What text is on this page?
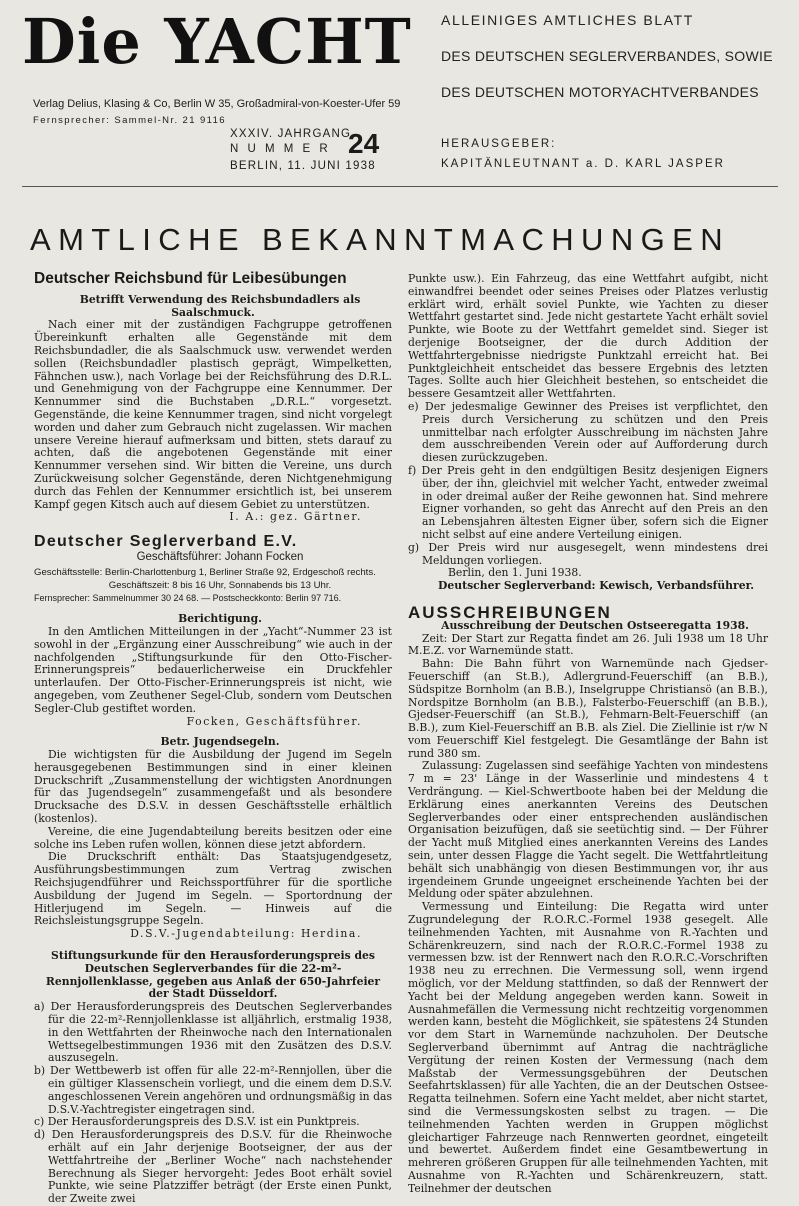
Die YACHT
Verlag Delius, Klasing & Co, Berlin W 35, Großadmiral-von-Koester-Ufer 59
Fernsprecher: Sammel-Nr. 21 9116
ALLEINIGES AMTLICHES BLATT
DES DEUTSCHEN SEGLERVERBANDES, SOWIE
DES DEUTSCHEN MOTORYACHTVERBANDES
XXXIV. JAHRGANG
N U M M E R 24
BERLIN, 11. JUNI 1938
HERAUSGEBER:
KAPITÄNLEUTNANT a. D. KARL JASPER
AMTLICHE BEKANNTMACHUNGEN

Deutscher Reichsbund für Leibesübungen

Betrifft Verwendung des Reichsbundadlers als Saalschmuck.

Nach einer mit der zuständigen Fachgruppe getroffenen Übereinkunft erhalten alle Gegenstände mit dem Reichsbundadler, die als Saalschmuck usw. verwendet werden sollen (Reichsbundadler plastisch geprägt, Wimpelketten, Fähnchen usw.), nach Vorlage bei der Reichsführung des D.R.L. und Genehmigung von der Fachgruppe eine Kennummer. Der Kennummer sind die Buchstaben „D.R.L.“ vorgesetzt. Gegenstände, die keine Kennummer tragen, sind nicht vorgelegt worden und daher zum Gebrauch nicht zugelassen. Wir machen unsere Vereine hierauf aufmerksam und bitten, stets darauf zu achten, daß die angebotenen Gegenstände mit einer Kennummer versehen sind. Wir bitten die Vereine, uns durch Zurückweisung solcher Gegenstände, deren Nichtgenehmigung durch das Fehlen der Kennummer ersichtlich ist, bei unserem Kampf gegen Kitsch auch auf diesem Gebiet zu unterstützen.

I. A.: gez. Gärtner.

Deutscher Seglerverband E.V.

Geschäftsführer: Johann Focken

Geschäftsstelle: Berlin-Charlottenburg 1, Berliner Straße 92, Erdgeschoß rechts.

Geschäftszeit: 8 bis 16 Uhr, Sonnabends bis 13 Uhr.

Fernsprecher: Sammelnummer 30 24 68. — Postscheckkonto: Berlin 97 716.

Berichtigung.

In den Amtlichen Mitteilungen in der „Yacht“-Nummer 23 ist sowohl in der „Ergänzung einer Ausschreibung“ wie auch in der nachfolgenden „Stiftungsurkunde für den Otto-Fischer-Erinnerungspreis“ bedauerlicherweise ein Druckfehler unterlaufen. Der Otto-Fischer-Erinnerungspreis ist nicht, wie angegeben, vom Zeuthener Segel-Club, sondern vom Deutschen Segler-Club gestiftet worden.

Focken, Geschäftsführer.

Betr. Jugendsegeln.

Die wichtigsten für die Ausbildung der Jugend im Segeln herausgegebenen Bestimmungen sind in einer kleinen Druckschrift „Zusammenstellung der wichtigsten Anordnungen für das Jugendsegeln“ zusammengefaßt und als besondere Drucksache des D.S.V. in dessen Geschäftsstelle erhältlich (kostenlos).

Vereine, die eine Jugendabteilung bereits besitzen oder eine solche ins Leben rufen wollen, können diese jetzt abfordern.

Die Druckschrift enthält: Das Staatsjugendgesetz, Ausführungsbestimmungen zum Vertrag zwischen Reichsjugendführer und Reichssportführer für die sportliche Ausbildung der Jugend im Segeln. — Sportordnung der Hitlerjugend im Segeln. — Hinweis auf die Reichsleistungsgruppe Segeln.

D.S.V.-Jugendabteilung: Herdina.

Stiftungsurkunde für den Herausforderungspreis des Deutschen Seglerverbandes für die 22-m²-Rennjollenklasse, gegeben aus Anlaß der 650-Jahrfeier der Stadt Düsseldorf.

a) Der Herausforderungspreis des Deutschen Seglerverbandes für die 22-m²-Rennjollenklasse ist alljährlich, erstmalig 1938, in den Wettfahrten der Rheinwoche nach den Internationalen Wettsegelbestimmungen 1936 mit den Zusätzen des D.S.V. auszusegeln.

b) Der Wettbewerb ist offen für alle 22-m²-Rennjollen, über die ein gültiger Klassenschein vorliegt, und die einem dem D.S.V. angeschlossenen Verein angehören und ordnungsmäßig in das D.S.V.-Yachtregister eingetragen sind.

c) Der Herausforderungspreis des D.S.V. ist ein Punktpreis.

d) Den Herausforderungspreis des D.S.V. für die Rheinwoche erhält auf ein Jahr derjenige Bootseigner, der aus der Wettfahrtreihe der „Berliner Woche“ nach nachstehender Berechnung als Sieger hervorgeht: Jedes Boot erhält soviel Punkte, wie seine Platzziffer beträgt (der Erste einen Punkt, der Zweite zwei

Punkte usw.). Ein Fahrzeug, das eine Wettfahrt aufgibt, nicht einwandfrei beendet oder seines Preises oder Platzes verlustig erklärt wird, erhält soviel Punkte, wie Yachten zu dieser Wettfahrt gestartet sind. Jede nicht gestartete Yacht erhält soviel Punkte, wie Boote zu der Wettfahrt gemeldet sind. Sieger ist derjenige Bootseigner, der die durch Addition der Wettfahrtergebnisse niedrigste Punktzahl erreicht hat. Bei Punktgleichheit entscheidet das bessere Ergebnis des letzten Tages. Sollte auch hier Gleichheit bestehen, so entscheidet die bessere Gesamtzeit aller Wettfahrten.

e) Der jedesmalige Gewinner des Preises ist verpflichtet, den Preis durch Versicherung zu schützen und den Preis unmittelbar nach erfolgter Ausschreibung im nächsten Jahre dem ausschreibenden Verein oder auf Aufforderung durch diesen zurückzugeben.

f) Der Preis geht in den endgültigen Besitz desjenigen Eigners über, der ihn, gleichviel mit welcher Yacht, entweder zweimal in oder dreimal außer der Reihe gewonnen hat. Sind mehrere Eigner vorhanden, so geht das Anrecht auf den Preis an den an Lebensjahren ältesten Eigner über, sofern sich die Eigner nicht selbst auf eine andere Verteilung einigen.

g) Der Preis wird nur ausgesegelt, wenn mindestens drei Meldungen vorliegen.

Berlin, den 1. Juni 1938.

Deutscher Seglerverband: Kewisch, Verbandsführer.

AUSSCHREIBUNGEN

Ausschreibung der Deutschen Ostseeregatta 1938.

Zeit: Der Start zur Regatta findet am 26. Juli 1938 um 18 Uhr M.E.Z. vor Warnemünde statt.

Bahn: Die Bahn führt von Warnemünde nach Gjedser-Feuerschiff (an St.B.), Adlergrund-Feuerschiff (an B.B.), Südspitze Bornholm (an B.B.), Inselgruppe Christiansö (an B.B.), Nordspitze Bornholm (an B.B.), Falsterbo-Feuerschiff (an B.B.), Gjedser-Feuerschiff (an St.B.), Fehmarn-Belt-Feuerschiff (an B.B.), zum Kiel-Feuerschiff an B.B. als Ziel. Die Ziellinie ist r/w N vom Feuerschiff Kiel festgelegt. Die Gesamtlänge der Bahn ist rund 380 sm.

Zulassung: Zugelassen sind seefähige Yachten von mindestens 7 m = 23' Länge in der Wasserlinie und mindestens 4 t Verdrängung. — Kiel-Schwertboote haben bei der Meldung die Erklärung eines anerkannten Vereins des Deutschen Seglerverbandes oder einer entsprechenden ausländischen Organisation beizufügen, daß sie seetüchtig sind. — Der Führer der Yacht muß Mitglied eines anerkannten Vereins des Landes sein, unter dessen Flagge die Yacht segelt. Die Wettfahrtleitung behält sich unabhängig von diesen Bestimmungen vor, ihr aus irgendeinem Grunde ungeeignet erscheinende Yachten bei der Meldung oder später abzulehnen.

Vermessung und Einteilung: Die Regatta wird unter Zugrundelegung der R.O.R.C.-Formel 1938 gesegelt. Alle teilnehmenden Yachten, mit Ausnahme von R.-Yachten und Schärenkreuzern, sind nach der R.O.R.C.-Formel 1938 zu vermessen bzw. ist der Rennwert nach den R.O.R.C.-Vorschriften 1938 neu zu errechnen. Die Vermessung soll, wenn irgend möglich, vor der Meldung stattfinden, so daß der Rennwert der Yacht bei der Meldung angegeben werden kann. Soweit in Ausnahmefällen die Vermessung nicht rechtzeitig vorgenommen werden kann, besteht die Möglichkeit, sie spätestens 24 Stunden vor dem Start in Warnemünde nachzuholen. Der Deutsche Seglerverband übernimmt auf Antrag die nachträgliche Vergütung der reinen Kosten der Vermessung (nach dem Maßstab der Vermessungsgebühren der Deutschen Seefahrtsklassen) für alle Yachten, die an der Deutschen Ostsee-Regatta teilnehmen. Sofern eine Yacht meldet, aber nicht startet, sind die Vermessungskosten selbst zu tragen. — Die teilnehmenden Yachten werden in Gruppen möglichst gleichartiger Fahrzeuge nach Rennwerten geordnet, eingeteilt und bewertet. Außerdem findet eine Gesamtbewertung in mehreren größeren Gruppen für alle teilnehmenden Yachten, mit Ausnahme von R.-Yachten und Schärenkreuzern, statt. Teilnehmer der deutschen
